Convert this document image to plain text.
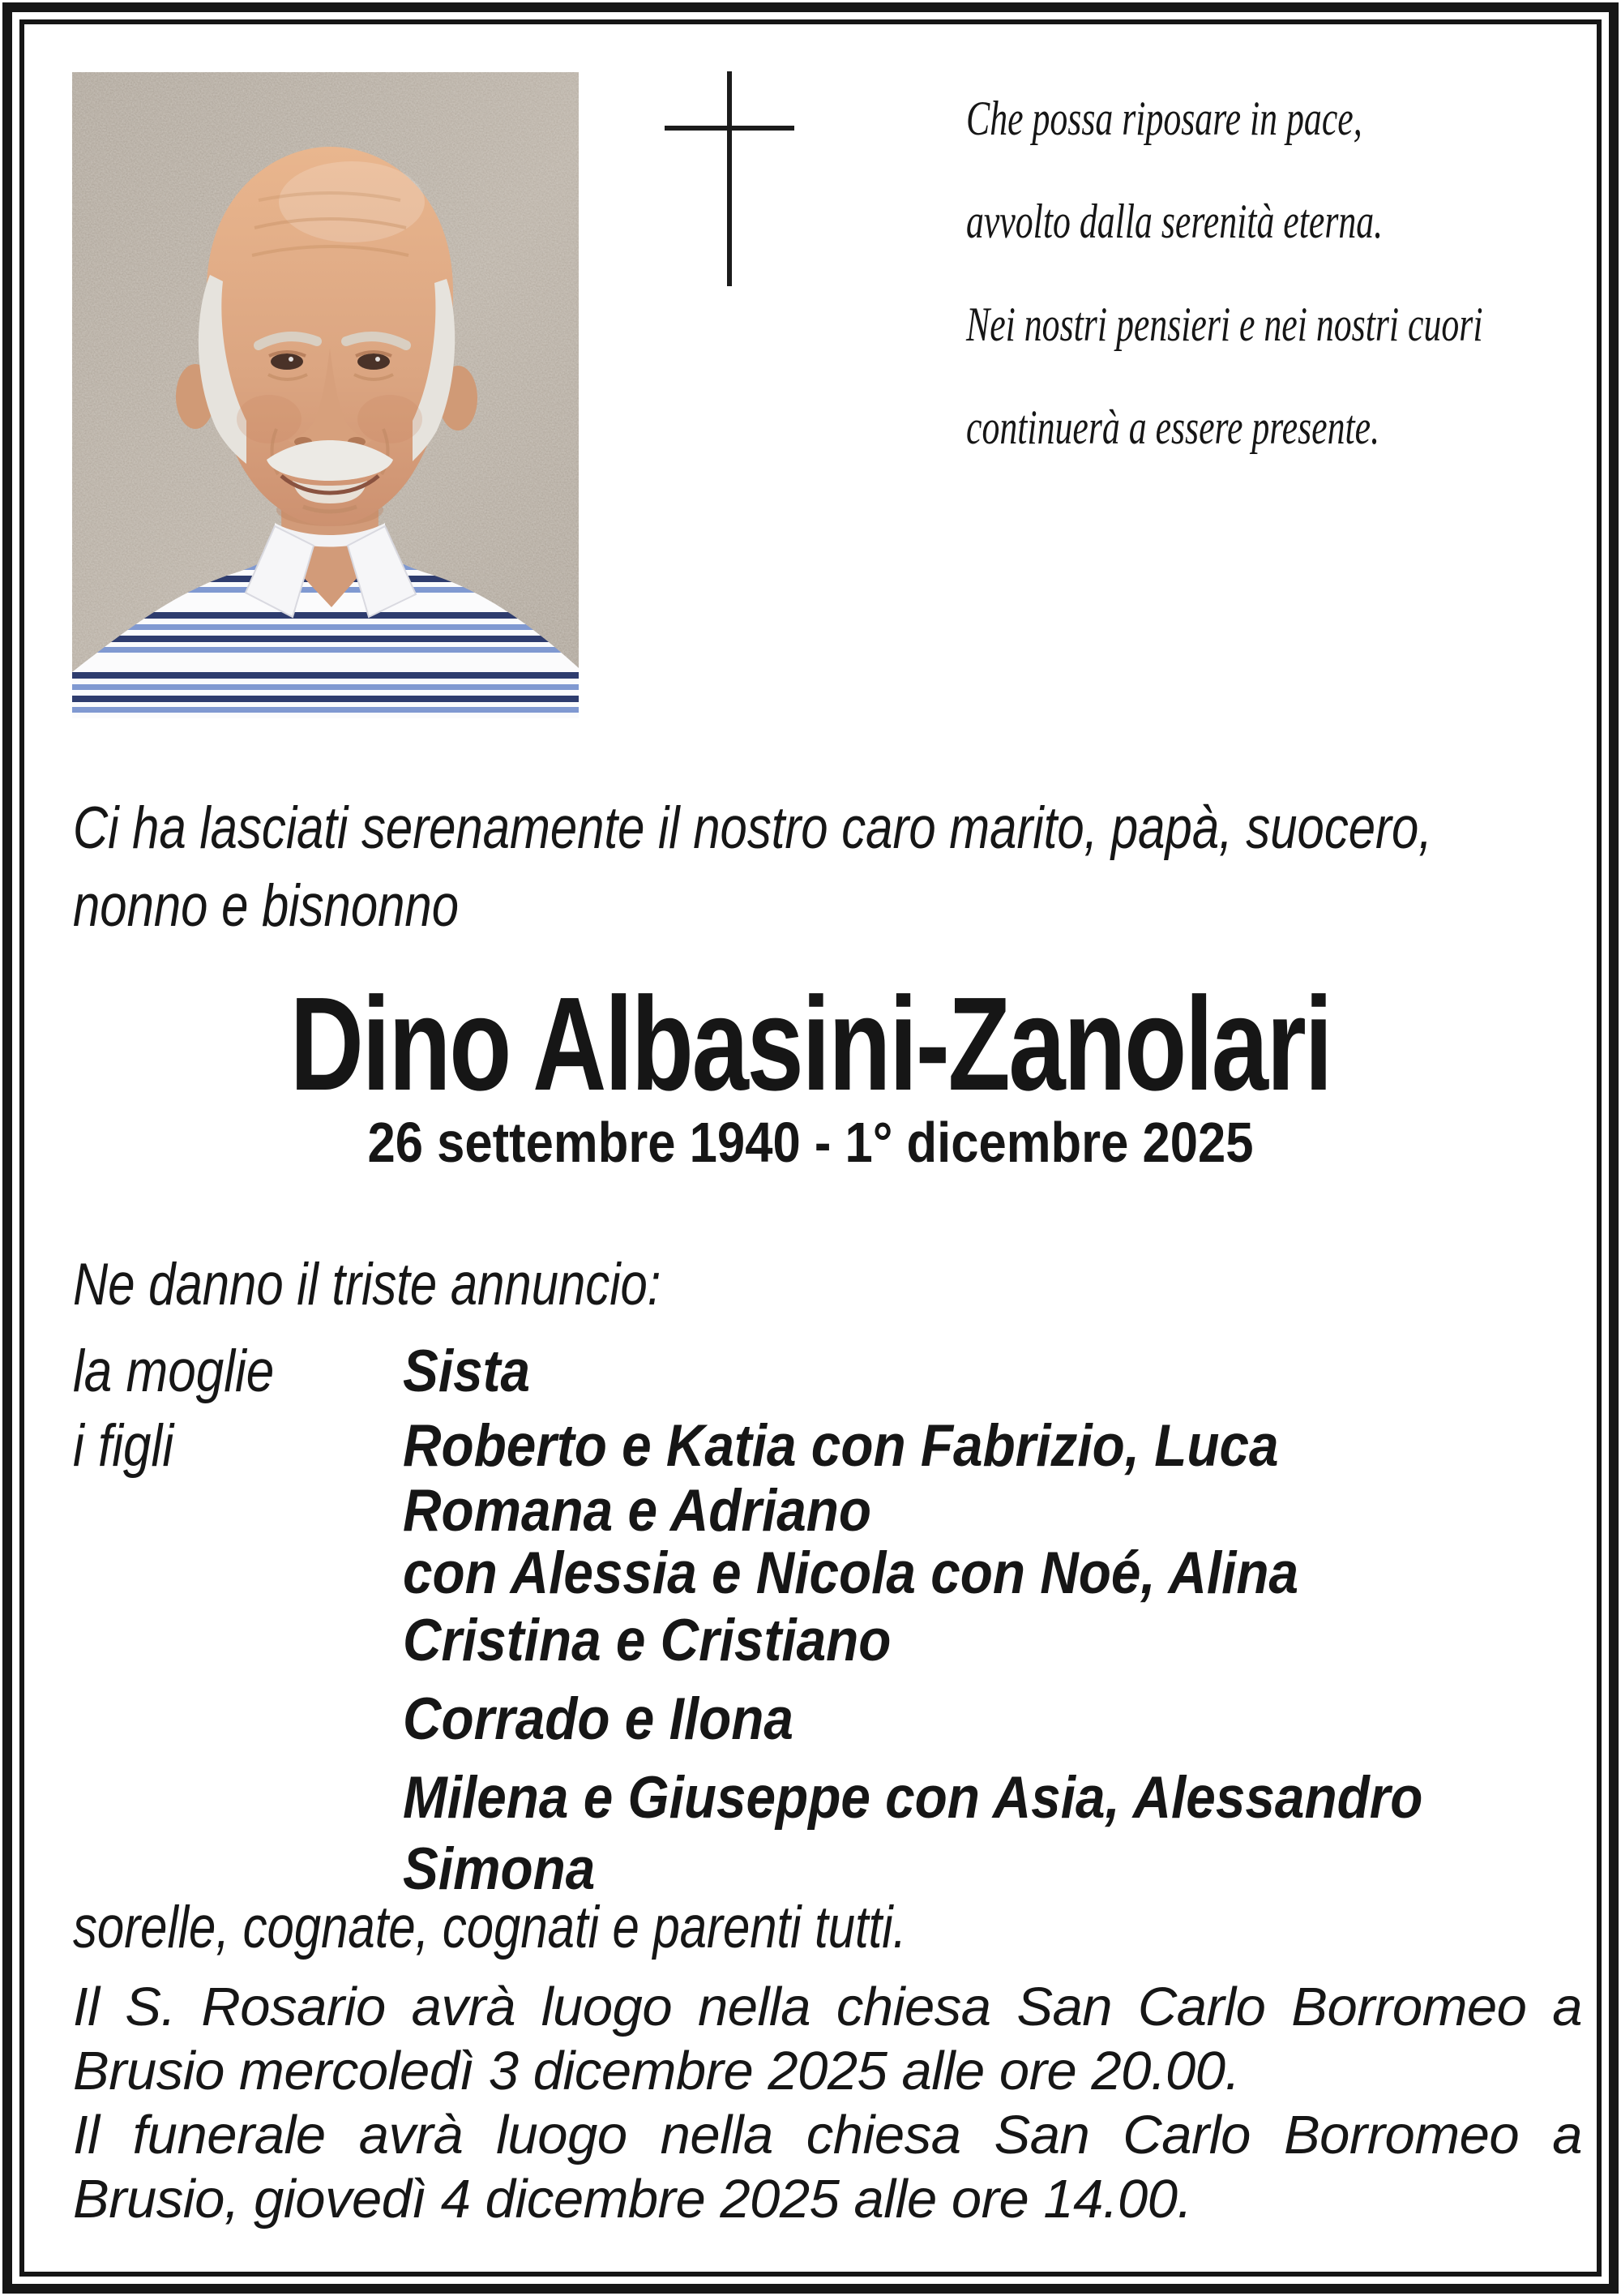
Che possa riposare in pace,
avvolto dalla serenità eterna.
Nei nostri pensieri e nei nostri cuori
continuerà a essere presente.
Ci ha lasciati serenamente il nostro caro marito, papà, suocero,
nonno e bisnonno
Dino Albasini-Zanolari
26 settembre 1940 - 1° dicembre 2025
Ne danno il triste annuncio:
la moglie Sista
i figli	Roberto e Katia con Fabrizio, Luca
Romana e Adriano
con Alessia e Nicola con Noé, Alina
Cristina e Cristiano
Corrado e Ilona
Milena e Giuseppe con Asia, Alessandro
Simona
sorelle, cognate, cognati e parenti tutti.
Il S. Rosario avrà luogo nella chiesa San Carlo Borromeo a
Brusio mercoledì 3 dicembre 2025 alle ore 20.00.
Il funerale avrà luogo nella chiesa San Carlo Borromeo a
Brusio, giovedì 4 dicembre 2025 alle ore 14.00.
